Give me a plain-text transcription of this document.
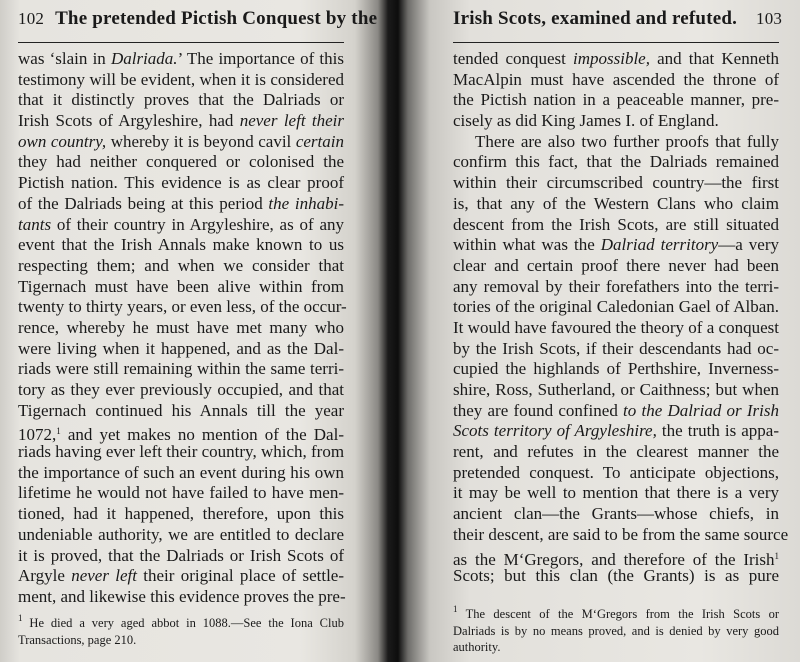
102 The pretended Pictish Conquest by the
was ‘slain in Dalriada.’ The importance of this
testimony will be evident, when it is considered
that it distinctly proves that the Dalriads or
Irish Scots of Argyleshire, had never left their
own country, whereby it is beyond cavil certain
they had neither conquered or colonised the
Pictish nation. This evidence is as clear proof
of the Dalriads being at this period the inhabi-
tants of their country in Argyleshire, as of any
event that the Irish Annals make known to us
respecting them; and when we consider that
Tigernach must have been alive within from
twenty to thirty years, or even less, of the occur-
rence, whereby he must have met many who
were living when it happened, and as the Dal-
riads were still remaining within the same terri-
tory as they ever previously occupied, and that
Tigernach continued his Annals till the year
1072,$^1$ and yet makes no mention of the Dal-
riads having ever left their country, which, from
the importance of such an event during his own
lifetime he would not have failed to have men-
tioned, had it happened, therefore, upon this
undeniable authority, we are entitled to declare
it is proved, that the Dalriads or Irish Scots of
Argyle never left their original place of settle-
ment, and likewise this evidence proves the pre-
$^1$ He died a very aged abbot in 1088.—See the Iona Club
Transactions, page 210.
Irish Scots, examined and refuted. 103
tended conquest impossible, and that Kenneth
MacAlpin must have ascended the throne of
the Pictish nation in a peaceable manner, pre-
cisely as did King James I. of England.
There are also two further proofs that fully
confirm this fact, that the Dalriads remained
within their circumscribed country—the first
is, that any of the Western Clans who claim
descent from the Irish Scots, are still situated
within what was the Dalriad territory—a very
clear and certain proof there never had been
any removal by their forefathers into the terri-
tories of the original Caledonian Gael of Alban.
It would have favoured the theory of a conquest
by the Irish Scots, if their descendants had oc-
cupied the highlands of Perthshire, Inverness-
shire, Ross, Sutherland, or Caithness; but when
they are found confined to the Dalriad or Irish
Scots territory of Argyleshire, the truth is appa-
rent, and refutes in the clearest manner the
pretended conquest. To anticipate objections,
it may be well to mention that there is a very
ancient clan—the Grants—whose chiefs, in
their descent, are said to be from the same source
as the M‘Gregors, and therefore of the Irish$^1$
Scots; but this clan (the Grants) is as pure
$^1$ The descent of the M‘Gregors from the Irish Scots or
Dalriads is by no means proved, and is denied by very good
authority.
